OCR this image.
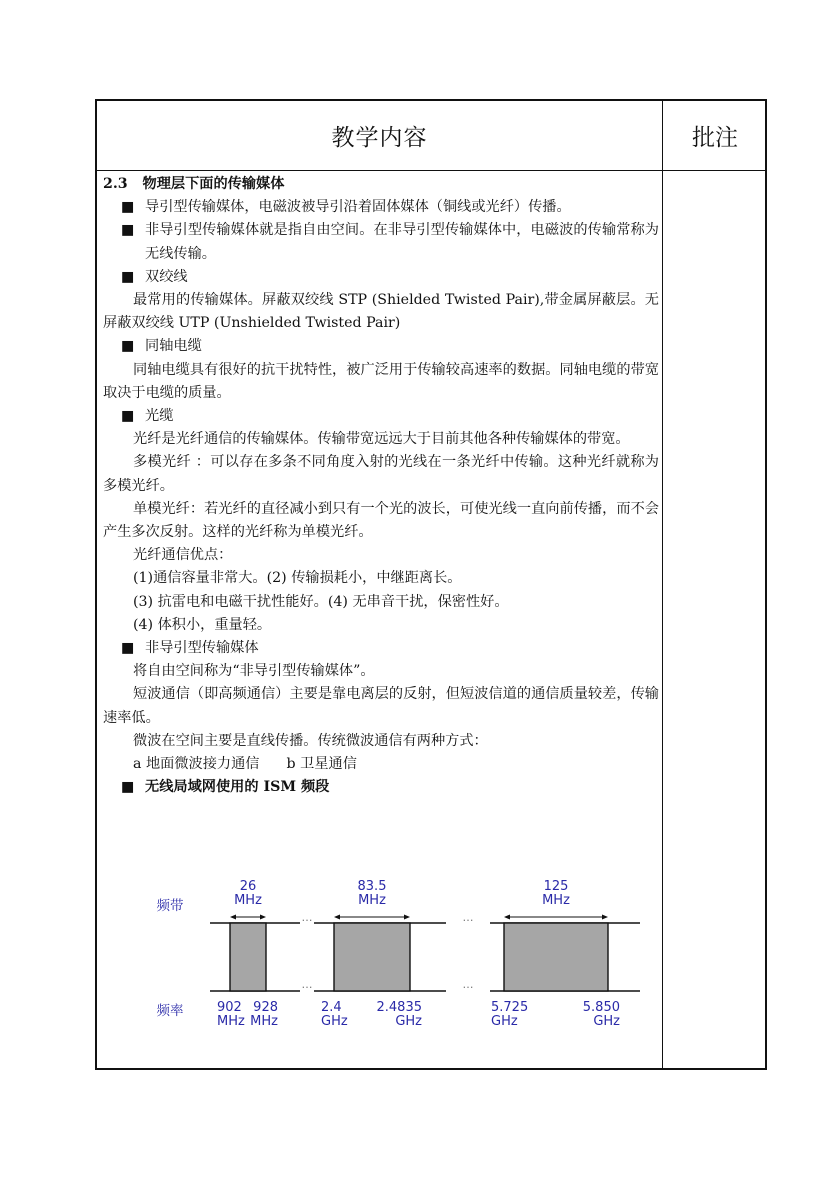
教学内容	批注

2.3 物理层下面的传输媒体

■ 导引型传输媒体，电磁波被导引沿着固体媒体（铜线或光纤）传播。

■ 非导引型传输媒体就是指自由空间。在非导引型传输媒体中，电磁波的传输常称为无线传输。

■ 双绞线

最常用的传输媒体。屏蔽双绞线 STP (Shielded Twisted Pair),带金属屏蔽层。无屏蔽双绞线 UTP (Unshielded Twisted Pair)

■ 同轴电缆

同轴电缆具有很好的抗干扰特性，被广泛用于传输较高速率的数据。同轴电缆的带宽取决于电缆的质量。

■ 光缆

光纤是光纤通信的传输媒体。传输带宽远远大于目前其他各种传输媒体的带宽。

多模光纤 ：可以存在多条不同角度入射的光线在一条光纤中传输。这种光纤就称为多模光纤。

单模光纤：若光纤的直径减小到只有一个光的波长，可使光线一直向前传播，而不会产生多次反射。这样的光纤称为单模光纤。

光纤通信优点：

(1)通信容量非常大。(2) 传输损耗小，中继距离长。

(3) 抗雷电和电磁干扰性能好。(4) 无串音干扰，保密性好。

(4) 体积小，重量轻。

■ 非导引型传输媒体

将自由空间称为“非导引型传输媒体”。

短波通信（即高频通信）主要是靠电离层的反射，但短波信道的通信质量较差，传输速率低。

微波在空间主要是直线传播。传统微波通信有两种方式：

a 地面微波接力通信 b 卫星通信

■ 无线局域网使用的 ISM 频段

频带
频率
26
MHz
902
MHz
928
MHz
83.5
MHz
2.4
GHz
2.4835
GHz
125
MHz
5.725
GHz
5.850
GHz
…
…
…
…
